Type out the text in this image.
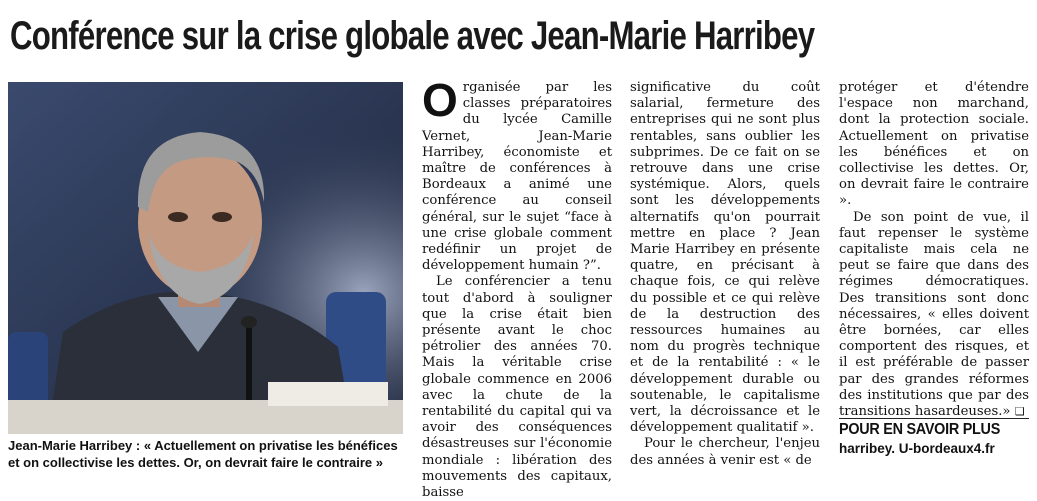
Conférence sur la crise globale avec Jean-Marie Harribey
Jean-Marie Harribey : « Actuellement on privatise les bénéfices et on collectivise les dettes. Or, on devrait faire le contraire »

Organisée par les classes préparatoires du lycée Camille Vernet, Jean-Marie Harribey, économiste et maître de conférences à Bordeaux a animé une conférence au conseil général, sur le sujet “face à une crise globale comment redéfinir un projet de développement humain ?”.

Le conférencier a tenu tout d'abord à souligner que la crise était bien présente avant le choc pétrolier des années 70. Mais la véritable crise globale commence en 2006 avec la chute de la rentabilité du capital qui va avoir des conséquences désastreuses sur l'économie mondiale : libération des mouvements des capitaux, baisse

significative du coût salarial, fermeture des entreprises qui ne sont plus rentables, sans oublier les subprimes. De ce fait on se retrouve dans une crise systémique. Alors, quels sont les développements alternatifs qu'on pourrait mettre en place ? Jean Marie Harribey en présente quatre, en précisant à chaque fois, ce qui relève du possible et ce qui relève de la destruction des ressources humaines au nom du progrès technique et de la rentabilité : « le développement durable ou soutenable, le capitalisme vert, la décroissance et le développement qualitatif ».

Pour le chercheur, l'enjeu des années à venir est « de

protéger et d'étendre l'espace non marchand, dont la protection sociale. Actuellement on privatise les bénéfices et on collectivise les dettes. Or, on devrait faire le contraire ».

De son point de vue, il faut repenser le système capitaliste mais cela ne peut se faire que dans des régimes démocratiques. Des transitions sont donc nécessaires, « elles doivent être bornées, car elles comportent des risques, et il est préférable de passer par des grandes réformes des institutions que par des transitions hasardeuses.» ❑

POUR EN SAVOIR PLUS
harribey. U-bordeaux4.fr
